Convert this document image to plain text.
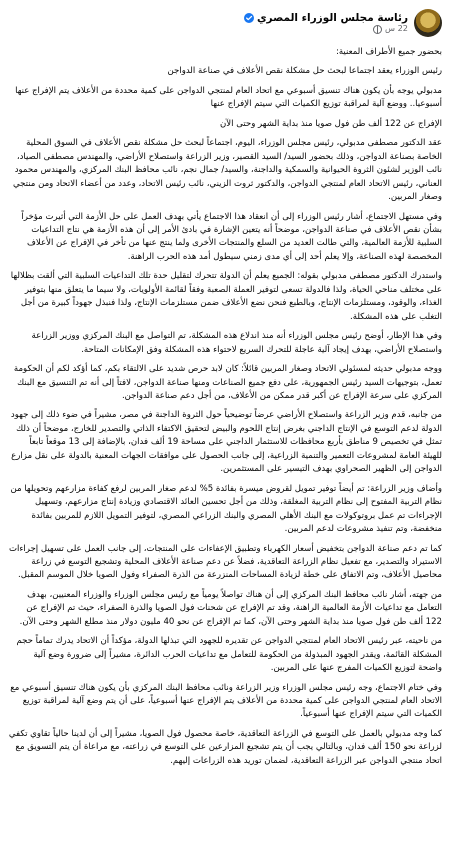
رئاسة مجلس الوزراء المصري
22 س

بحضور جميع الأطراف المعنية:

رئيس الوزراء يعقد اجتماعا لبحث حل مشكلة نقص الأعلاف في صناعة الدواجن

مدبولي يوجه بأن يكون هناك تنسيق أسبوعي مع اتحاد العام لمنتجي الدواجن على كمية محددة من الأعلاف يتم الإفراج عنها أسبوعيا.. ووضع آلية لمراقبة توزيع الكميات التي سيتم الإفراج عنها

الإفراج عن 122 ألف طن فول صويا منذ بداية الشهر وحتى الآن

عقد الدكتور مصطفى مدبولي، رئيس مجلس الوزراء، اليوم، اجتماعاً لبحث حل مشكلة نقص الأعلاف في السوق المحلية الخاصة بصناعة الدواجن، وذلك بحضور السيد/ السيد القصير، وزير الزراعة واستصلاح الأراضي، والمهندس مصطفى الصياد، نائب الوزير لشئون الثروة الحيوانية والسمكية والداجنة، والسيد/ جمال نجم، نائب محافظ البنك المركزي، والمهندس محمود العناني، رئيس الاتحاد العام لمنتجي الدواجن، والدكتور ثروت الزيني، نائب رئيس الاتحاد، وعدد من أعضاء الاتحاد ومن منتجي وصغار المربين.

وفي مستهل الاجتماع، أشار رئيس الوزراء إلى أن انعقاد هذا الاجتماع يأتي بهدف العمل على حل الأزمة التي أثيرت مؤخراً بشأن نقص الأعلاف في صناعة الدواجن، موضحاً أنه يتعين الإشارة في بادئ الأمر إلى أن هذه الأزمة هي نتاج التداعيات السلبية للأزمة العالمية، والتي طالت العديد من السلع والمنتجات الأخرى ولما ينتج عنها من تأخر في الإفراج عن الأعلاف المخصصة لهذه الصناعة، وإلا يعلم أحد إلى أي مدى زمني سيطول أمد هذه الحرب الراهنة.

واستدرك الدكتور مصطفى مدبولي بقوله: الجميع يعلم أن الدولة تتحرك لتقليل حدة تلك التداعيات السلبية التي ألقت بظلالها على مختلف مناحي الحياة، ولذا فالدولة تسعى لتوفير العملة الصعبة وفقاً لقائمة الأولويات، ولا سيما ما يتعلق منها بتوفير الغذاء، والوقود، ومستلزمات الإنتاج، وبالطبع فنحن نضع الأعلاف ضمن مستلزمات الإنتاج، ولذا فنبذل جهوداً كبيرة من أجل التغلب على هذه المشكلة.

وفي هذا الإطار، أوضح رئيس مجلس الوزراء أنه منذ اندلاع هذه المشكلة، تم التواصل مع البنك المركزي ووزير الزراعة واستصلاح الأراضي، بهدف إيجاد آلية عاجلة للتحرك السريع لاحتواء هذه المشكلة وفق الإمكانات المتاحة.

ووجه مدبولي حديثه لمسئولي الاتحاد وصغار المربين قائلاً: كان لابد حرص شديد على الالتقاء بكم، كما أؤكد لكم أن الحكومة تعمل، بتوجيهات السيد رئيس الجمهورية، على دفع جميع الصناعات ومنها صناعة الدواجن، لافتاً إلى أنه تم التنسيق مع البنك المركزي على سرعة الإفراج عن أكبر قدر ممكن من الأعلاف، من أجل دعم صناعة الدواجن.

من جانبه، قدم وزير الزراعة واستصلاح الأراضي عرضاً توضيحياً حول الثروة الداجنة في مصر، مشيراً في ضوء ذلك إلى جهود الدولة لدعم التوسع في الإنتاج الداجني بغرض إنتاج اللحوم والبيض لتحقيق الاكتفاء الذاتي والتصدير للخارج، موضحاً أن ذلك تمثل في تخصيص 9 مناطق بأربع محافظات للاستثمار الداجني على مساحة 19 ألف فدان، بالإضافة إلى 13 موقعاً تابعاً للهيئة العامة لمشروعات التعمير والتنمية الزراعية، إلى جانب الحصول على موافقات الجهات المعنية بالدولة على نقل مزارع الدواجن إلى الظهير الصحراوي بهدف التيسير على المستثمرين.

وأضاف وزير الزراعة: تم أيضاً توفير تمويل لقروض ميسرة بفائدة 5% لدعم صغار المربين لرفع كفاءة مزارعهم وتحويلها من نظام التربية المفتوح إلى نظام التربية المغلقة، وذلك من أجل تحسين العائد الاقتصادي وزيادة إنتاج مزارعهم، وتسهيل الإجراءات تم عمل بروتوكولات مع البنك الأهلي المصري والبنك الزراعي المصري، لتوفير التمويل اللازم للمربين بفائدة منخفضة، وتم تنفيذ مشروعات لدعم المربين.

كما تم دعم صناعة الدواجن بتخفيض أسعار الكهرباء وتطبيق الإعفاءات على المنتجات، إلى جانب العمل على تسهيل إجراءات الاستيراد والتصدير، مع تفعيل نظام الزراعة التعاقدية، فضلاً عن دعم صناعة الأعلاف المحلية وتشجيع التوسع في زراعة محاصيل الأعلاف، وتم الاتفاق على خطة لزيادة المساحات المنزرعة من الذرة الصفراء وفول الصويا خلال الموسم المقبل.

من جهته، أشار نائب محافظ البنك المركزي إلى أن هناك تواصلاً يومياً مع رئيس مجلس الوزراء والوزراء المعنيين، بهدف التعامل مع تداعيات الأزمة العالمية الراهنة، وقد تم الإفراج عن شحنات فول الصويا والذرة الصفراء، حيث تم الإفراج عن 122 ألف طن فول صويا منذ بداية الشهر وحتى الآن، كما تم الإفراج عن نحو 40 مليون دولار منذ مطلع الشهر وحتى الآن.

من ناحيته، عبر رئيس الاتحاد العام لمنتجي الدواجن عن تقديره للجهود التي تبذلها الدولة، مؤكداً أن الاتحاد يدرك تماماً حجم المشكلة القائمة، ويقدر الجهود المبذولة من الحكومة للتعامل مع تداعيات الحرب الدائرة، مشيراً إلى ضرورة وضع آلية واضحة لتوزيع الكميات المفرج عنها على المربين.

وفي ختام الاجتماع، وجه رئيس مجلس الوزراء وزير الزراعة ونائب محافظ البنك المركزي بأن يكون هناك تنسيق أسبوعي مع الاتحاد العام لمنتجي الدواجن على كمية محددة من الأعلاف يتم الإفراج عنها أسبوعياً، على أن يتم وضع آلية لمراقبة توزيع الكميات التي سيتم الإفراج عنها أسبوعياً.

كما وجه مدبولي بالعمل على التوسع في الزراعة التعاقدية، خاصة محصول فول الصويا، مشيراً إلى أن لدينا حالياً تقاوي تكفي لزراعة نحو 150 ألف فدان، وبالتالي يجب أن يتم تشجيع المزارعين على التوسع في زراعته، مع مراعاة أن يتم التسويق مع اتحاد منتجي الدواجن عبر الزراعة التعاقدية، لضمان توريد هذه الزراعات إليهم.
